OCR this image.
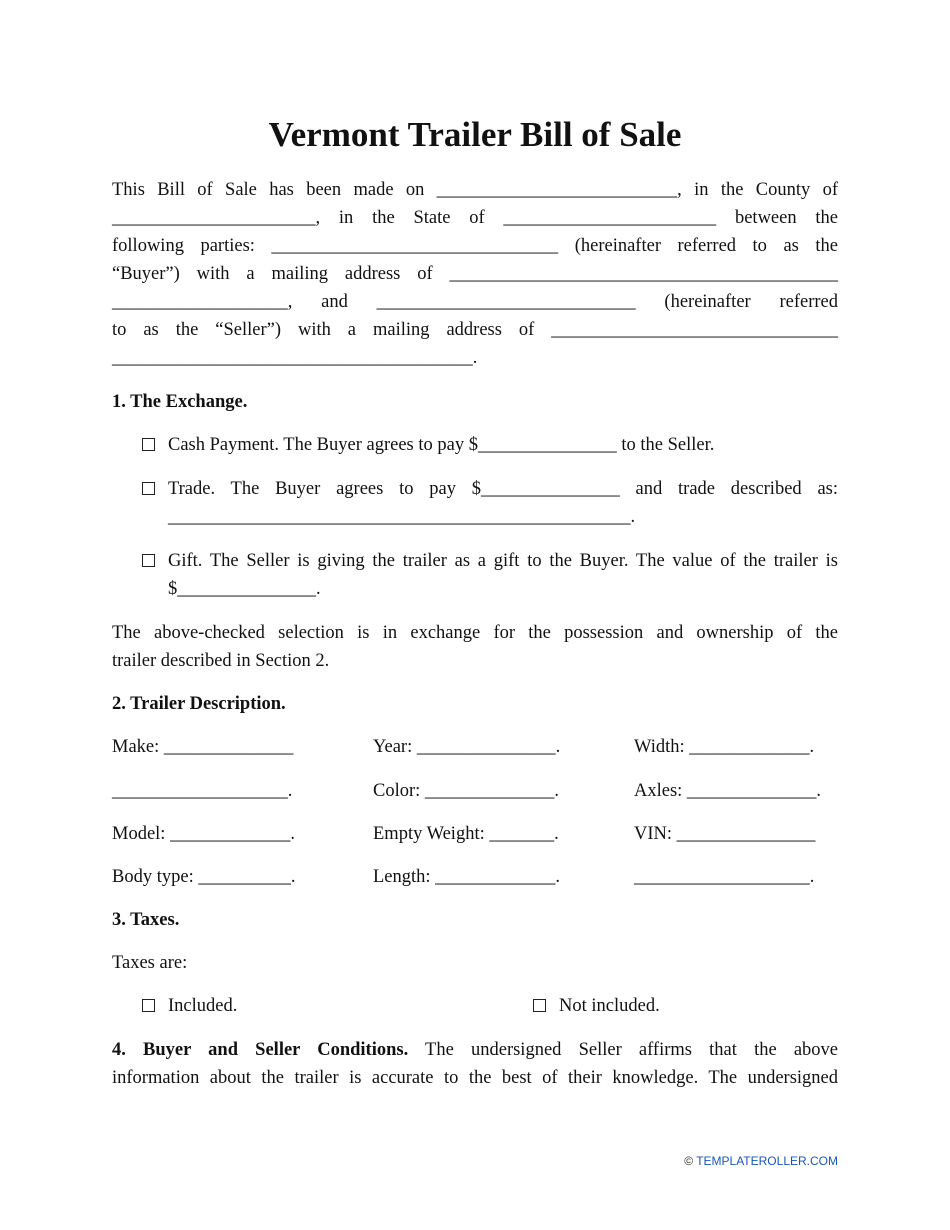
Vermont Trailer Bill of Sale
This Bill of Sale has been made on __________________________, in the County of
______________________, in the State of _______________________ between the
following parties: _______________________________ (hereinafter referred to as the
“Buyer”) with a mailing address of __________________________________________
___________________, and ____________________________ (hereinafter referred
to as the “Seller”) with a mailing address of _______________________________
_______________________________________.
1. The Exchange.
Cash Payment. The Buyer agrees to pay $_______________ to the Seller.
Trade. The Buyer agrees to pay $_______________ and trade described as:
__________________________________________________.
Gift. The Seller is giving the trailer as a gift to the Buyer. The value of the trailer is
$_______________.
The above-checked selection is in exchange for the possession and ownership of the
trailer described in Section 2.
2. Trailer Description.
Make: ______________	Year: _______________.	Width: _____________.
___________________.	Color: ______________.	Axles: ______________.
Model: _____________.	Empty Weight: _______.	VIN: _______________
Body type: __________.	Length: _____________.	___________________.
3. Taxes.
Taxes are:
Included.	Not included.
4. Buyer and Seller Conditions. The undersigned Seller affirms that the above
information about the trailer is accurate to the best of their knowledge. The undersigned
© TEMPLATEROLLER.COM
